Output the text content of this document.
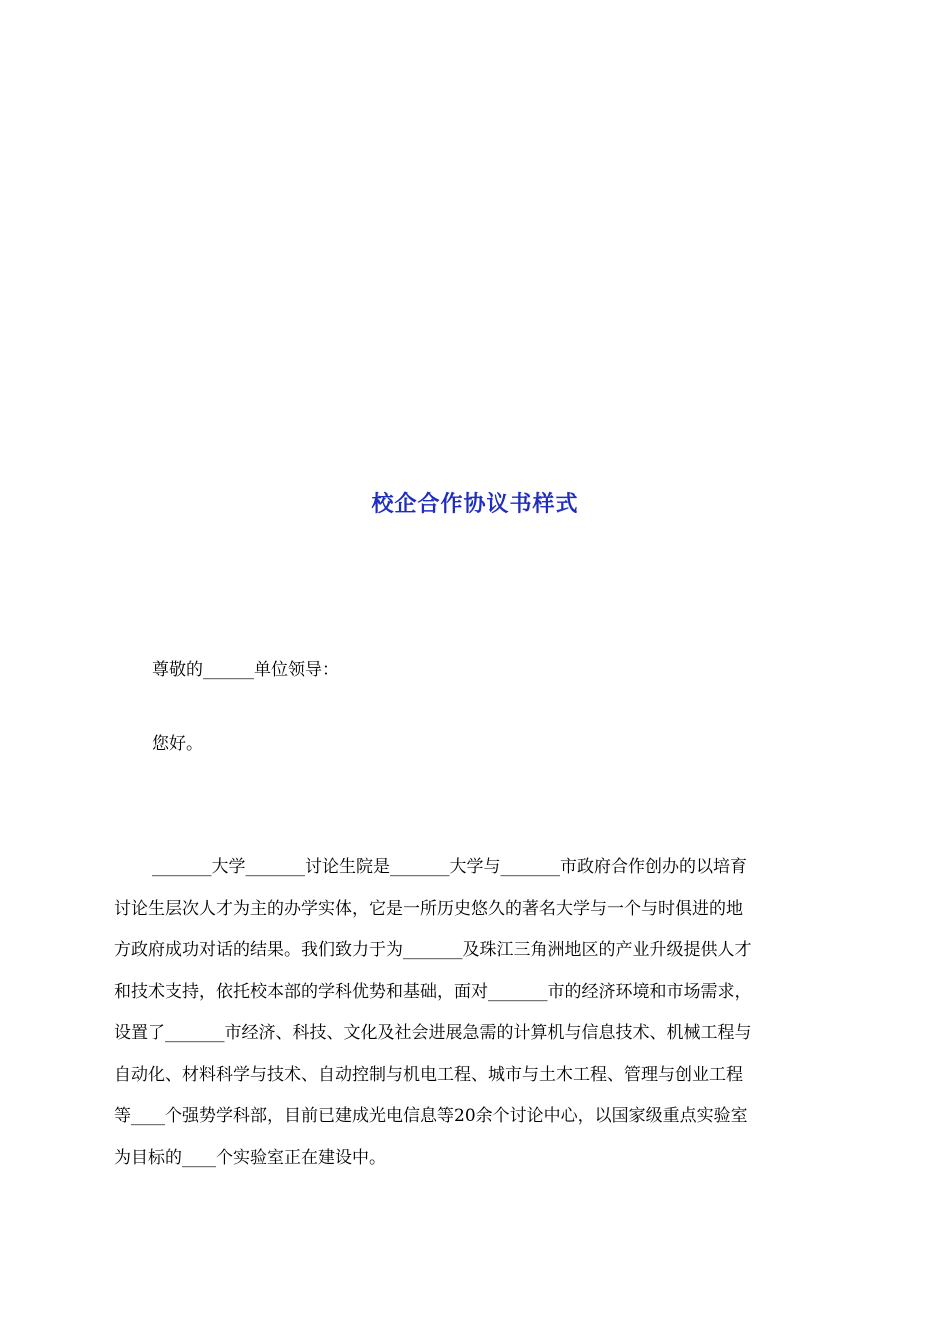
校企合作协议书样式
尊敬的______单位领导：
您好。
_______大学_______讨论生院是_______大学与_______市政府合作创办的以培育
讨论生层次人才为主的办学实体，它是一所历史悠久的著名大学与一个与时俱进的地
方政府成功对话的结果。我们致力于为_______及珠江三角洲地区的产业升级提供人才
和技术支持，依托校本部的学科优势和基础，面对_______市的经济环境和市场需求，
设置了_______市经济、科技、文化及社会进展急需的计算机与信息技术、机械工程与
自动化、材料科学与技术、自动控制与机电工程、城市与土木工程、管理与创业工程
等____个强势学科部，目前已建成光电信息等20余个讨论中心，以国家级重点实验室
为目标的____个实验室正在建设中。
